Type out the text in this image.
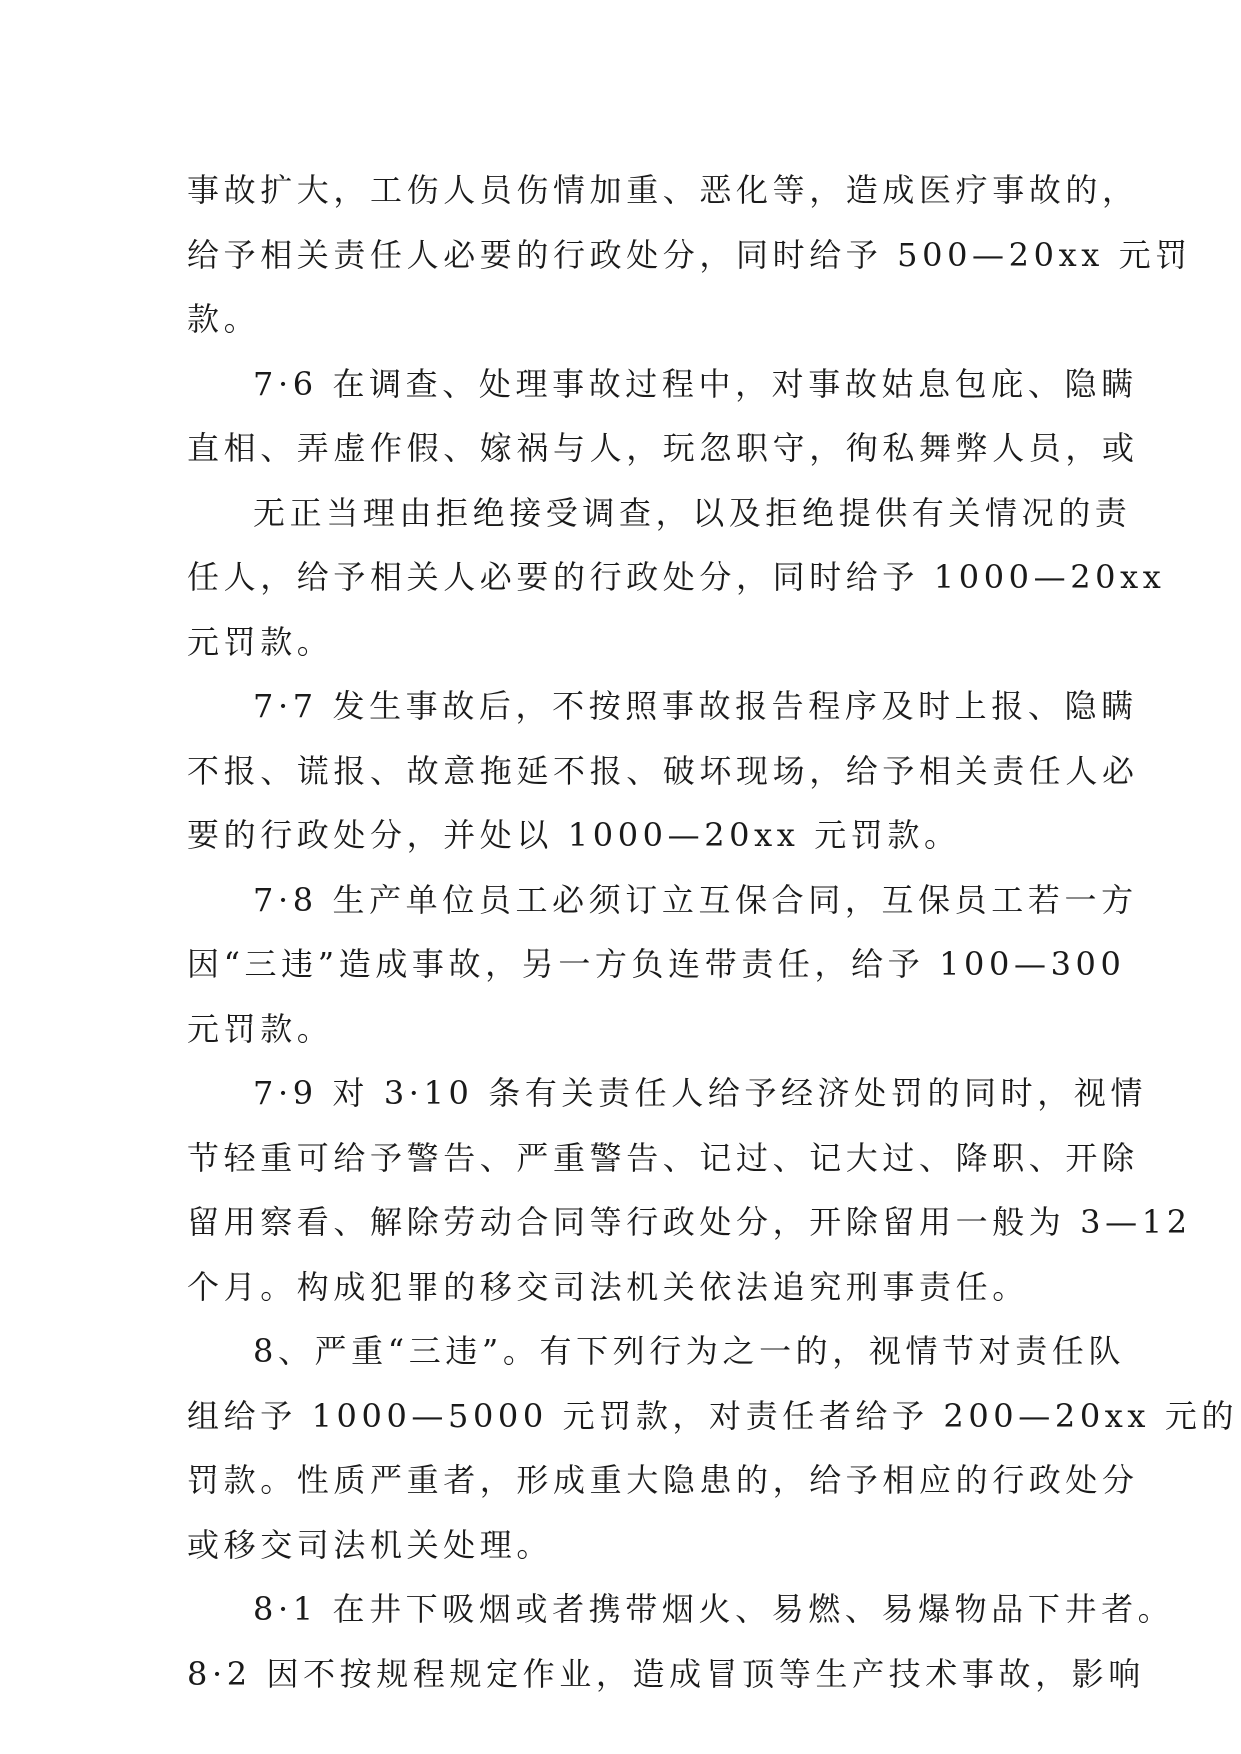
事故扩大，工伤人员伤情加重、恶化等，造成医疗事故的，
给予相关责任人必要的行政处分，同时给予 500—20xx 元罚
款。
7·6 在调查、处理事故过程中，对事故姑息包庇、隐瞒
直相、弄虚作假、嫁祸与人，玩忽职守，徇私舞弊人员，或
无正当理由拒绝接受调查，以及拒绝提供有关情况的责
任人，给予相关人必要的行政处分，同时给予 1000—20xx
元罚款。
7·7 发生事故后，不按照事故报告程序及时上报、隐瞒
不报、谎报、故意拖延不报、破坏现场，给予相关责任人必
要的行政处分，并处以 1000—20xx 元罚款。
7·8 生产单位员工必须订立互保合同，互保员工若一方
因“三违”造成事故，另一方负连带责任，给予 100—300
元罚款。
7·9 对 3·10 条有关责任人给予经济处罚的同时，视情
节轻重可给予警告、严重警告、记过、记大过、降职、开除
留用察看、解除劳动合同等行政处分，开除留用一般为 3—12
个月。构成犯罪的移交司法机关依法追究刑事责任。
8、严重“三违”。有下列行为之一的，视情节对责任队
组给予 1000—5000 元罚款，对责任者给予 200—20xx 元的
罚款。性质严重者，形成重大隐患的，给予相应的行政处分
或移交司法机关处理。
8·1 在井下吸烟或者携带烟火、易燃、易爆物品下井者。
8·2 因不按规程规定作业，造成冒顶等生产技术事故，影响
